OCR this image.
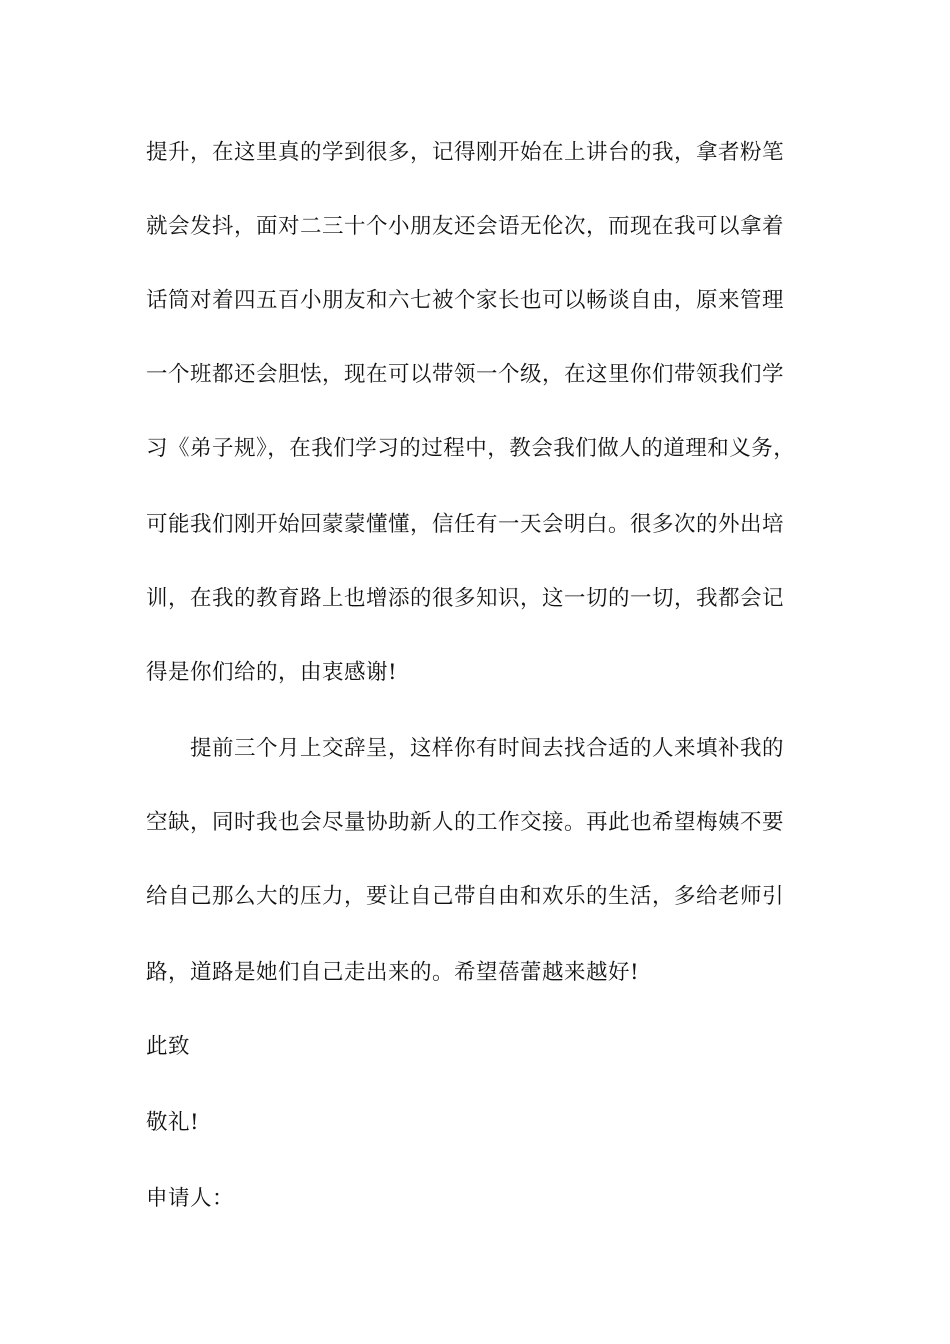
提升，在这里真的学到很多，记得刚开始在上讲台的我，拿者粉笔
就会发抖，面对二三十个小朋友还会语无伦次，而现在我可以拿着
话筒对着四五百小朋友和六七被个家长也可以畅谈自由，原来管理
一个班都还会胆怯，现在可以带领一个级，在这里你们带领我们学
习《弟子规》，在我们学习的过程中，教会我们做人的道理和义务，
可能我们刚开始回蒙蒙懂懂，信任有一天会明白。很多次的外出培
训，在我的教育路上也增添的很多知识，这一切的一切，我都会记
得是你们给的，由衷感谢!
提前三个月上交辞呈，这样你有时间去找合适的人来填补我的
空缺，同时我也会尽量协助新人的工作交接。再此也希望梅姨不要
给自己那么大的压力，要让自己带自由和欢乐的生活，多给老师引
路，道路是她们自己走出来的。希望蓓蕾越来越好!
此致
敬礼!
申请人：
